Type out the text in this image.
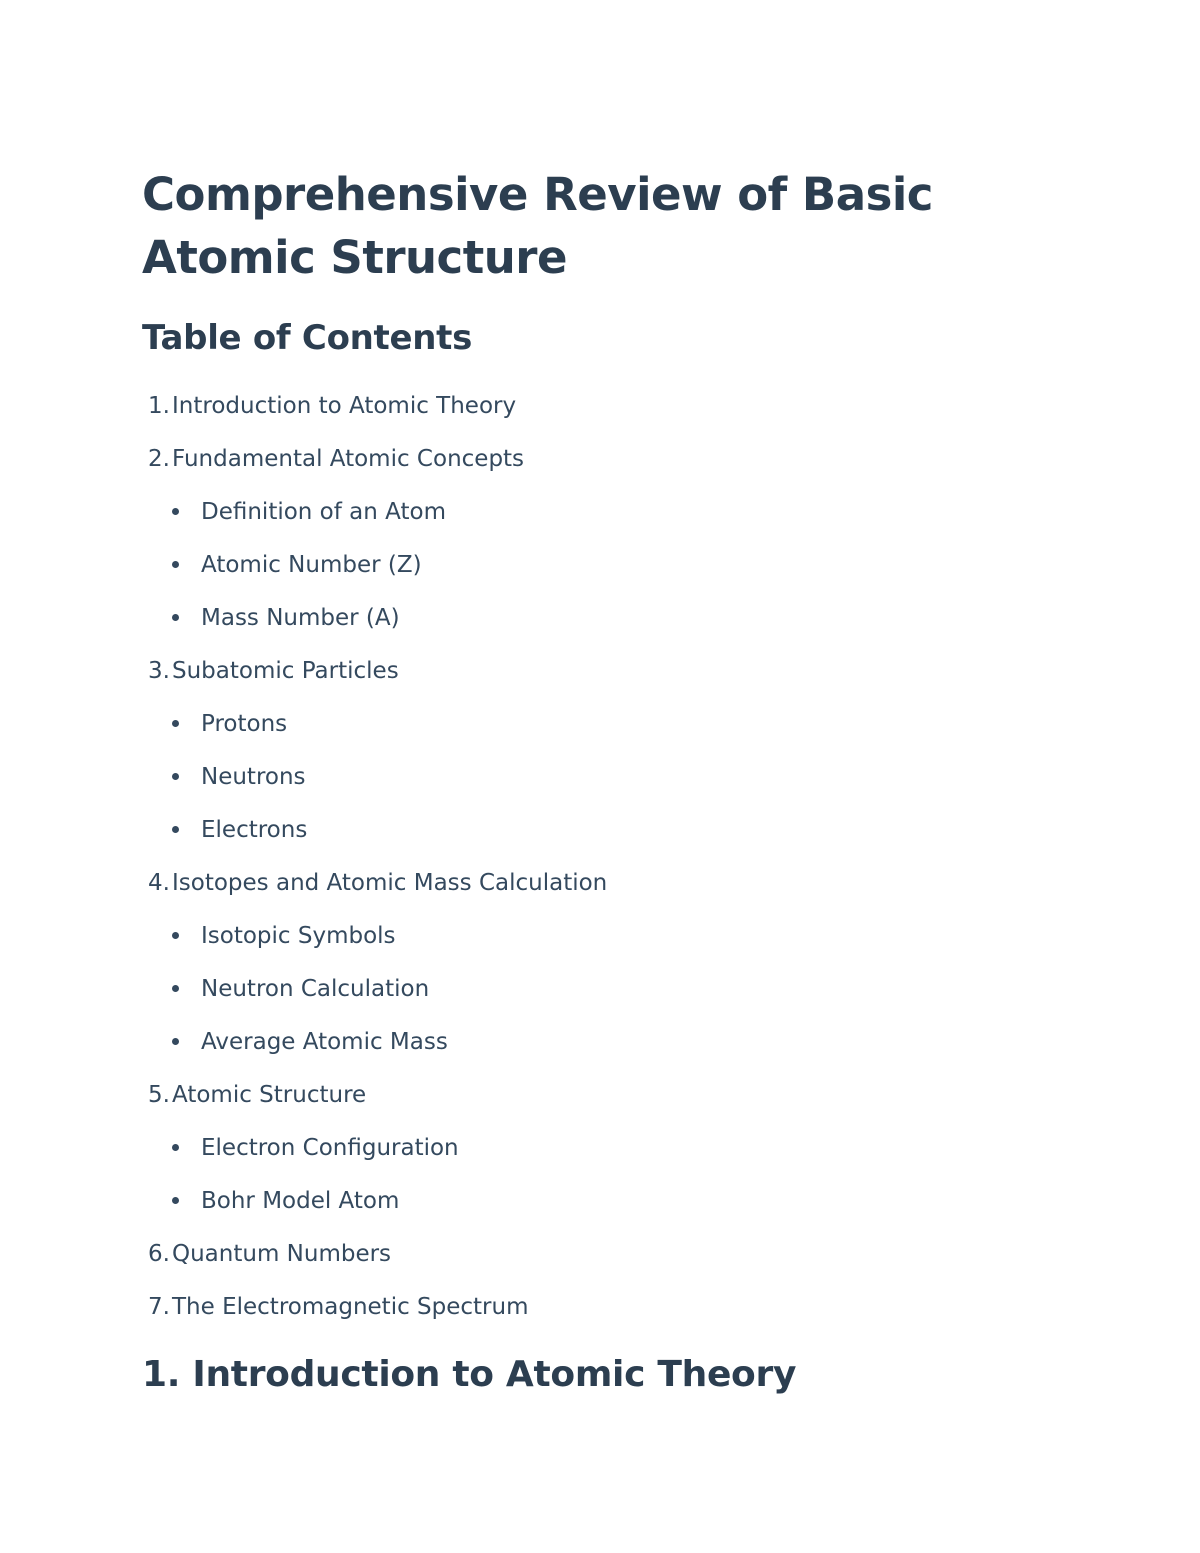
Comprehensive Review of Basic Atomic Structure
Table of Contents
1.Introduction to Atomic Theory
2.Fundamental Atomic Concepts
Definition of an Atom
Atomic Number (Z)
Mass Number (A)
3.Subatomic Particles
Protons
Neutrons
Electrons
4.Isotopes and Atomic Mass Calculation
Isotopic Symbols
Neutron Calculation
Average Atomic Mass
5.Atomic Structure
Electron Configuration
Bohr Model Atom
6.Quantum Numbers
7.The Electromagnetic Spectrum
1. Introduction to Atomic Theory
